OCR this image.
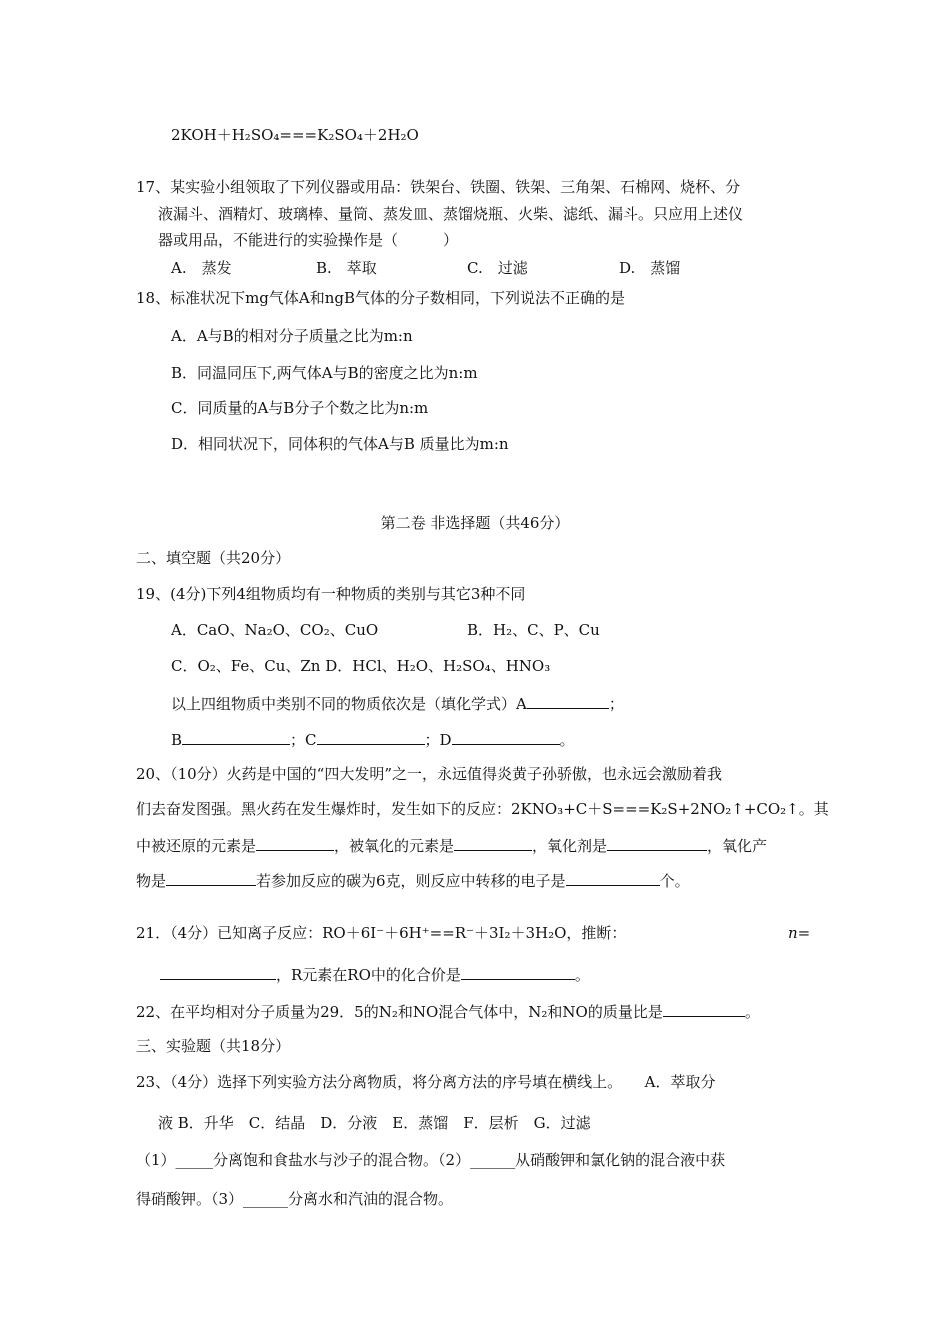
2KOH＋H₂SO₄===K₂SO₄＋2H₂O
17、某实验小组领取了下列仪器或用品：铁架台、铁圈、铁架、三角架、石棉网、烧杯、分
液漏斗、酒精灯、玻璃棒、量筒、蒸发皿、蒸馏烧瓶、火柴、滤纸、漏斗。只应用上述仪
器或用品，不能进行的实验操作是（　　　）
A.　蒸发	B.　萃取	C.　过滤	D.　蒸馏
18、标准状况下mg气体A和ngB气体的分子数相同，下列说法不正确的是
A．A与B的相对分子质量之比为m:n
B．同温同压下,两气体A与B的密度之比为n:m
C．同质量的A与B分子个数之比为n:m
D．相同状况下，同体积的气体A与B 质量比为m:n
第二卷 非选择题（共46分）
二、填空题（共20分）
19、(4分)下列4组物质均有一种物质的类别与其它3种不同
A．CaO、Na₂O、CO₂、CuO	B．H₂、C、P、Cu
C．O₂、Fe、Cu、Zn D．HCl、H₂O、H₂SO₄、HNO₃
以上四组物质中类别不同的物质依次是（填化学式）A	；
B	；C	；D	。
20、（10分）火药是中国的“四大发明”之一，永远值得炎黄子孙骄傲，也永远会激励着我
们去奋发图强。黑火药在发生爆炸时，发生如下的反应：2KNO₃+C＋S===K₂S+2NO₂↑+CO₂↑。其
中被还原的元素是	，被氧化的元素是	，氧化剂是	，氧化产
物是	若参加反应的碳为6克，则反应中转移的电子是	个。
21．（4分）已知离子反应：RO＋6I⁻＋6H⁺==R⁻＋3I₂＋3H₂O，推断：	n=
，R元素在RO中的化合价是	。
22、在平均相对分子质量为29．5的N₂和NO混合气体中，N₂和NO的质量比是	。
三、实验题（共18分）
23、（4分）选择下列实验方法分离物质，将分离方法的序号填在横线上。　　A．萃取分
液 B．升华　C．结晶　D．分液　E．蒸馏　F．层析　G．过滤
（1）_____分离饱和食盐水与沙子的混合物。（2）______从硝酸钾和氯化钠的混合液中获
得硝酸钾。（3）______分离水和汽油的混合物。
